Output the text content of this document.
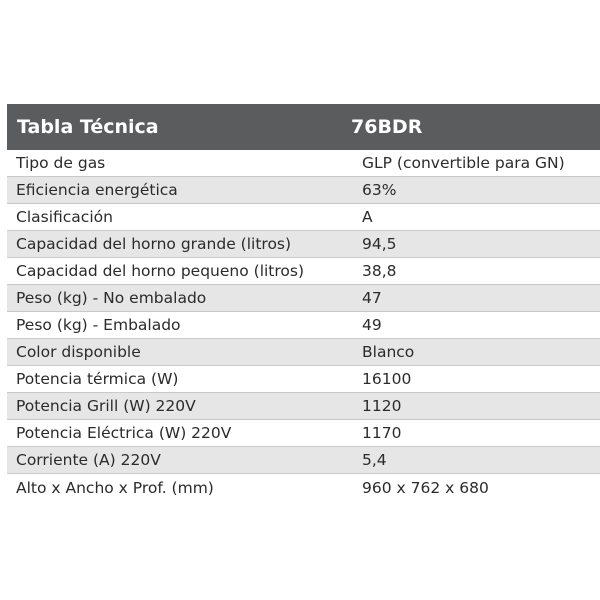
Tabla Técnica	76BDR
Tipo de gas	GLP (convertible para GN)
Eficiencia energética	63%
Clasificación	A
Capacidad del horno grande (litros)	94,5
Capacidad del horno pequeno (litros)	38,8
Peso (kg) - No embalado	47
Peso (kg) - Embalado	49
Color disponible	Blanco
Potencia térmica (W)	16100
Potencia Grill (W) 220V	1120
Potencia Eléctrica (W) 220V	1170
Corriente (A) 220V	5,4
Alto x Ancho x Prof. (mm)	960 x 762 x 680
